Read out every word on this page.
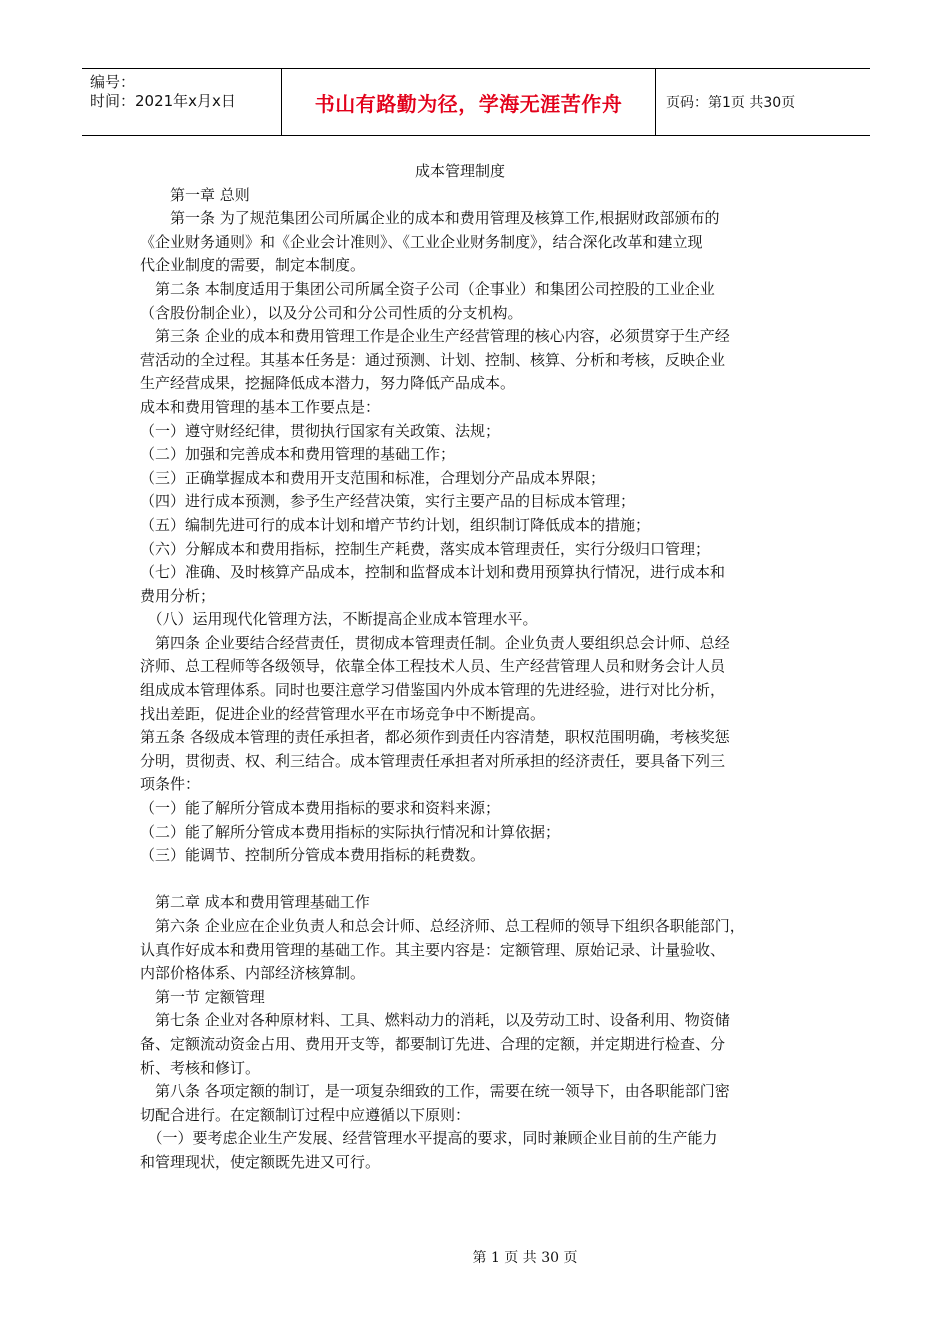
编号：
时间：2021年x月x日	书山有路勤为径，学海无涯苦作舟	页码：第1页 共30页

成本管理制度

　　第一章 总则

　　第一条 为了规范集团公司所属企业的成本和费用管理及核算工作,根据财政部颁布的

《企业财务通则》和《企业会计准则》、《工业企业财务制度》，结合深化改革和建立现

代企业制度的需要，制定本制度。

　第二条 本制度适用于集团公司所属全资子公司（企事业）和集团公司控股的工业企业

（含股份制企业），以及分公司和分公司性质的分支机构。

　第三条 企业的成本和费用管理工作是企业生产经营管理的核心内容，必须贯穿于生产经

营活动的全过程。其基本任务是：通过预测、计划、控制、核算、分析和考核，反映企业

生产经营成果，挖掘降低成本潜力，努力降低产品成本。

成本和费用管理的基本工作要点是：

（一）遵守财经纪律，贯彻执行国家有关政策、法规；

（二）加强和完善成本和费用管理的基础工作；

（三）正确掌握成本和费用开支范围和标准，合理划分产品成本界限；

（四）进行成本预测，参予生产经营决策，实行主要产品的目标成本管理；

（五）编制先进可行的成本计划和增产节约计划，组织制订降低成本的措施；

（六）分解成本和费用指标，控制生产耗费，落实成本管理责任，实行分级归口管理；

（七）准确、及时核算产品成本，控制和监督成本计划和费用预算执行情况，进行成本和

费用分析；

　（八）运用现代化管理方法，不断提高企业成本管理水平。

　第四条 企业要结合经营责任，贯彻成本管理责任制。企业负责人要组织总会计师、总经

济师、总工程师等各级领导，依靠全体工程技术人员、生产经营管理人员和财务会计人员

组成成本管理体系。同时也要注意学习借鉴国内外成本管理的先进经验，进行对比分析，

找出差距，促进企业的经营管理水平在市场竞争中不断提高。

第五条 各级成本管理的责任承担者，都必须作到责任内容清楚，职权范围明确，考核奖惩

分明，贯彻责、权、利三结合。成本管理责任承担者对所承担的经济责任，要具备下列三

项条件：

（一）能了解所分管成本费用指标的要求和资料来源；

（二）能了解所分管成本费用指标的实际执行情况和计算依据；

（三）能调节、控制所分管成本费用指标的耗费数。

　第二章 成本和费用管理基础工作

　第六条 企业应在企业负责人和总会计师、总经济师、总工程师的领导下组织各职能部门，

认真作好成本和费用管理的基础工作。其主要内容是：定额管理、原始记录、计量验收、

内部价格体系、内部经济核算制。

　第一节 定额管理

　第七条 企业对各种原材料、工具、燃料动力的消耗，以及劳动工时、设备利用、物资储

备、定额流动资金占用、费用开支等，都要制订先进、合理的定额，并定期进行检查、分

析、考核和修订。

　第八条 各项定额的制订，是一项复杂细致的工作，需要在统一领导下，由各职能部门密

切配合进行。在定额制订过程中应遵循以下原则：

　（一）要考虑企业生产发展、经营管理水平提高的要求，同时兼顾企业目前的生产能力

和管理现状，使定额既先进又可行。

第 1 页 共 30 页
